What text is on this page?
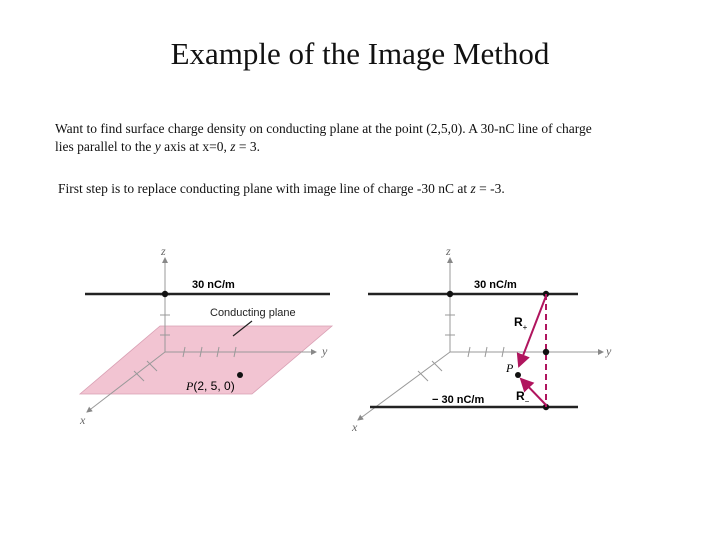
Example of the Image Method
Want to find surface charge density on conducting plane at the point (2,5,0). A 30-nC line of charge
lies parallel to the y axis at x=0, z = 3.
First step is to replace conducting plane with image line of charge -30 nC at z = -3.
z
y
x
30 nC/m
Conducting plane
P(2, 5, 0)
z
y
x
30 nC/m
− 30 nC/m
P
$R_+$
$R_-$
